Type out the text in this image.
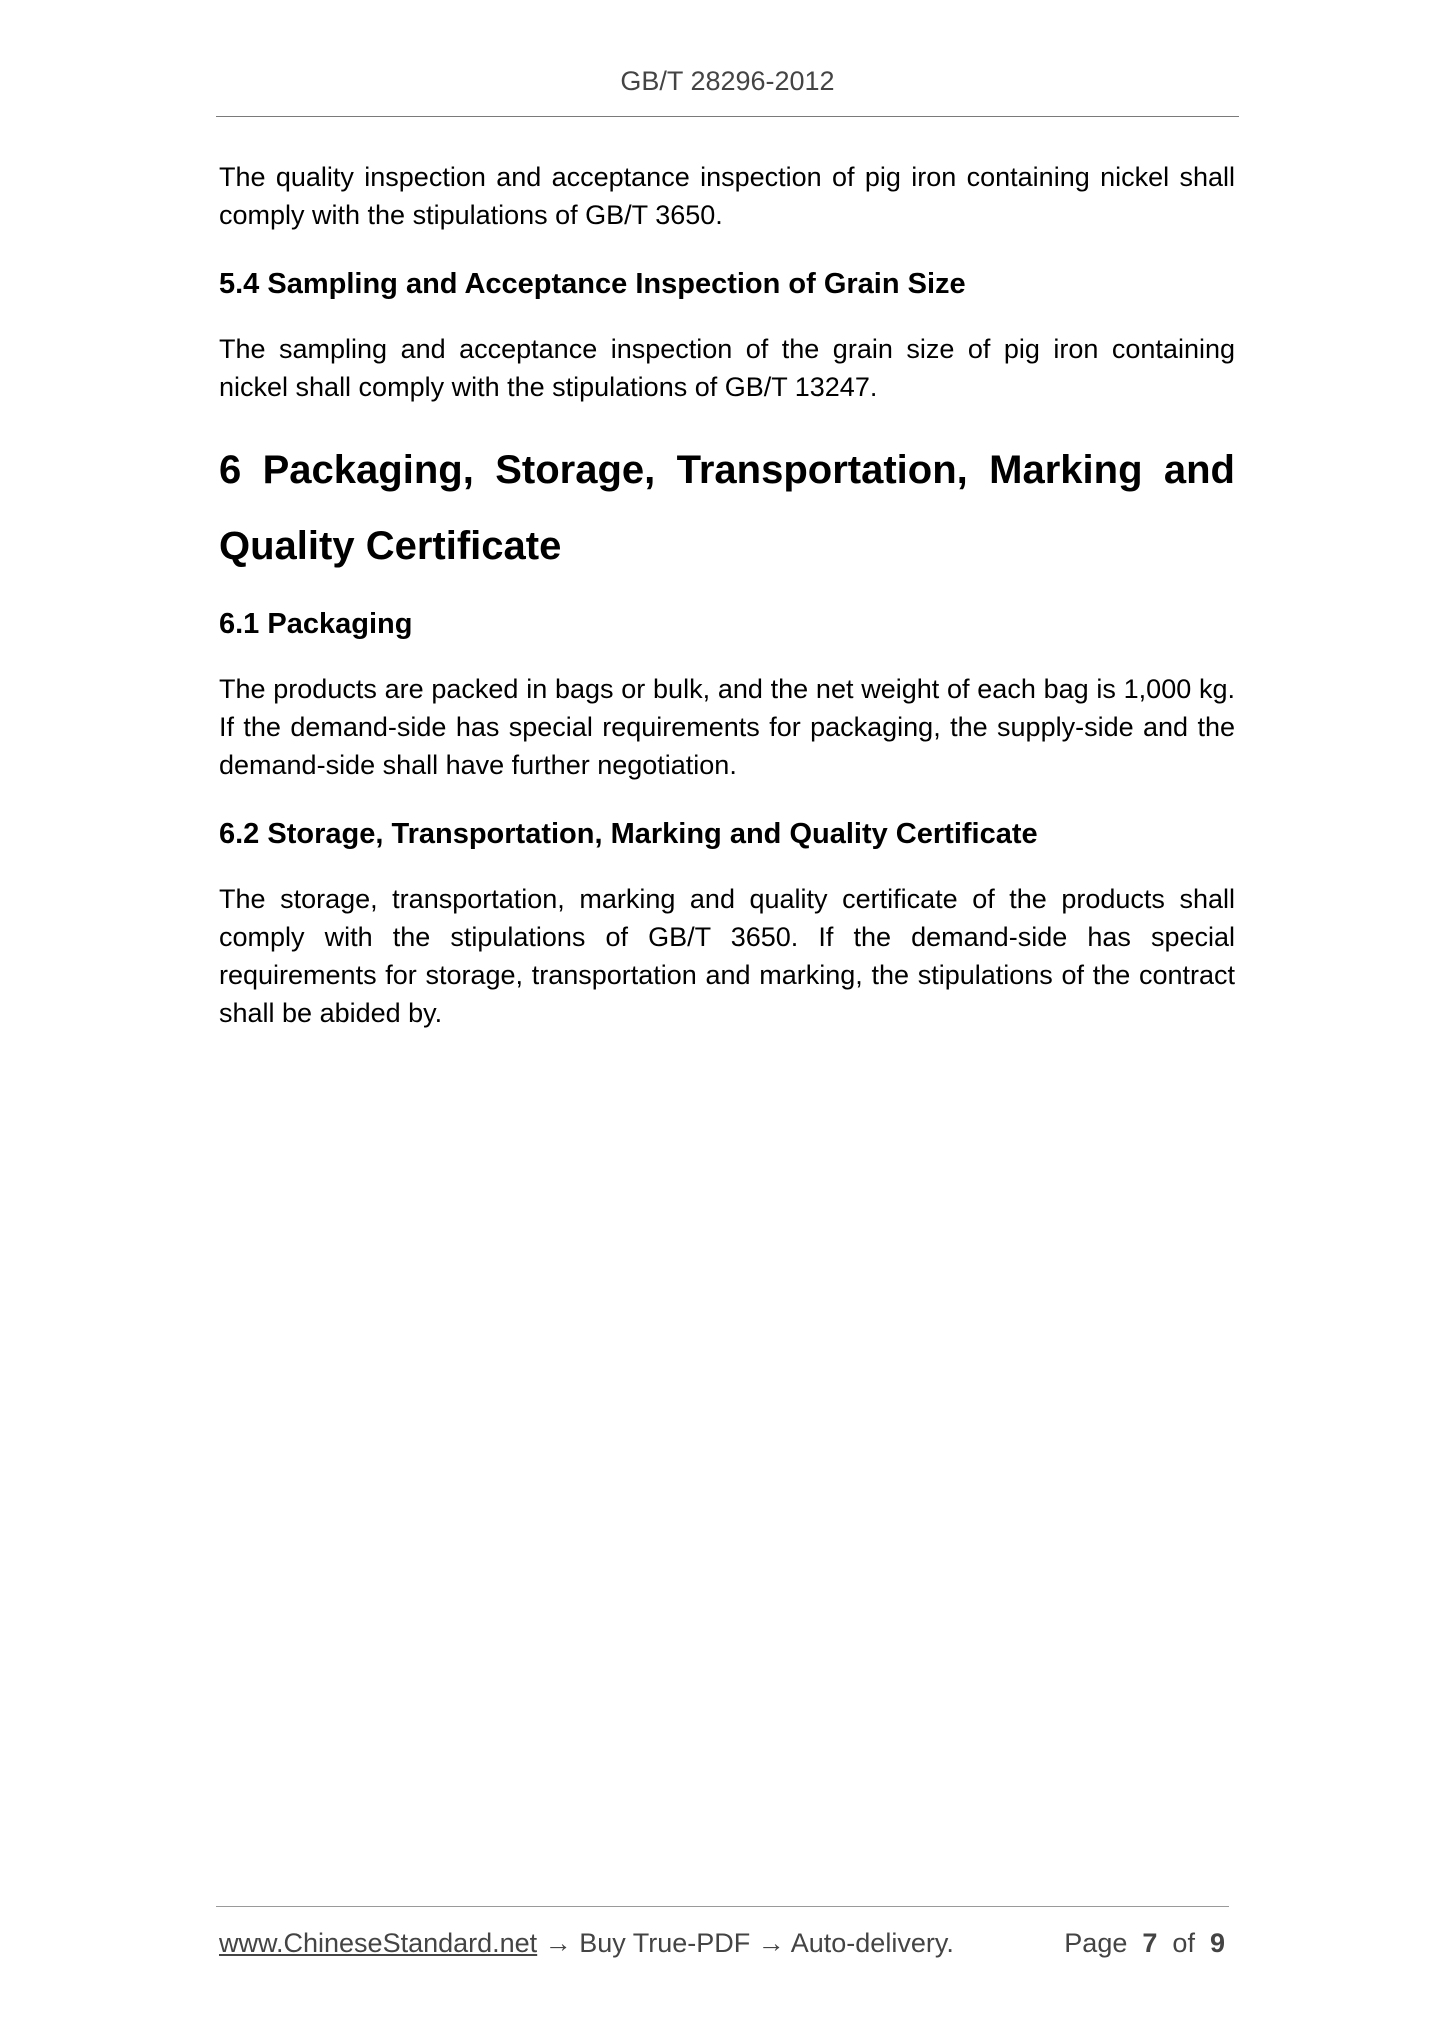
GB/T 28296-2012

The quality inspection and acceptance inspection of pig iron containing nickel shall comply with the stipulations of GB/T 3650.

5.4 Sampling and Acceptance Inspection of Grain Size

The sampling and acceptance inspection of the grain size of pig iron containing nickel shall comply with the stipulations of GB/T 13247.

6 Packaging, Storage, Transportation, Marking and Quality Certificate
6.1 Packaging

The products are packed in bags or bulk, and the net weight of each bag is 1,000 kg. If the demand-side has special requirements for packaging, the supply-side and the demand-side shall have further negotiation.

6.2 Storage, Transportation, Marking and Quality Certificate

The storage, transportation, marking and quality certificate of the products shall comply with the stipulations of GB/T 3650. If the demand-side has special requirements for storage, transportation and marking, the stipulations of the contract shall be abided by.

www.ChineseStandard.net → Buy True-PDF → Auto-delivery.	Page 7 of 9
